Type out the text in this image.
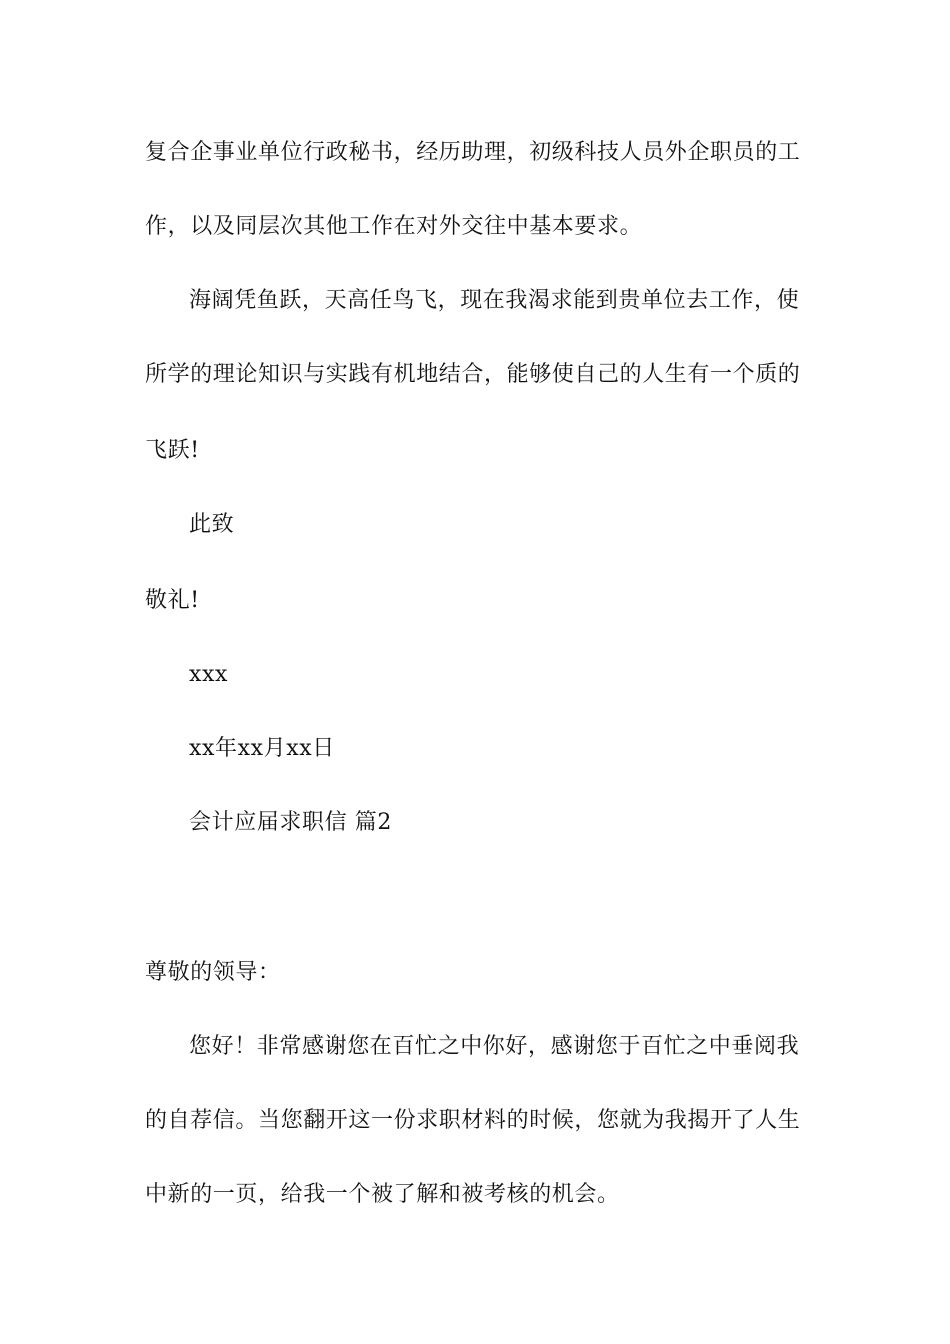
复合企事业单位行政秘书，经历助理，初级科技人员外企职员的工
作，以及同层次其他工作在对外交往中基本要求。
海阔凭鱼跃，天高任鸟飞，现在我渴求能到贵单位去工作，使
所学的理论知识与实践有机地结合，能够使自己的人生有一个质的
飞跃!
此致
敬礼!
xxx
xx年xx月xx日
会计应届求职信 篇2
尊敬的领导：
您好！非常感谢您在百忙之中你好，感谢您于百忙之中垂阅我
的自荐信。当您翻开这一份求职材料的时候，您就为我揭开了人生
中新的一页，给我一个被了解和被考核的机会。
